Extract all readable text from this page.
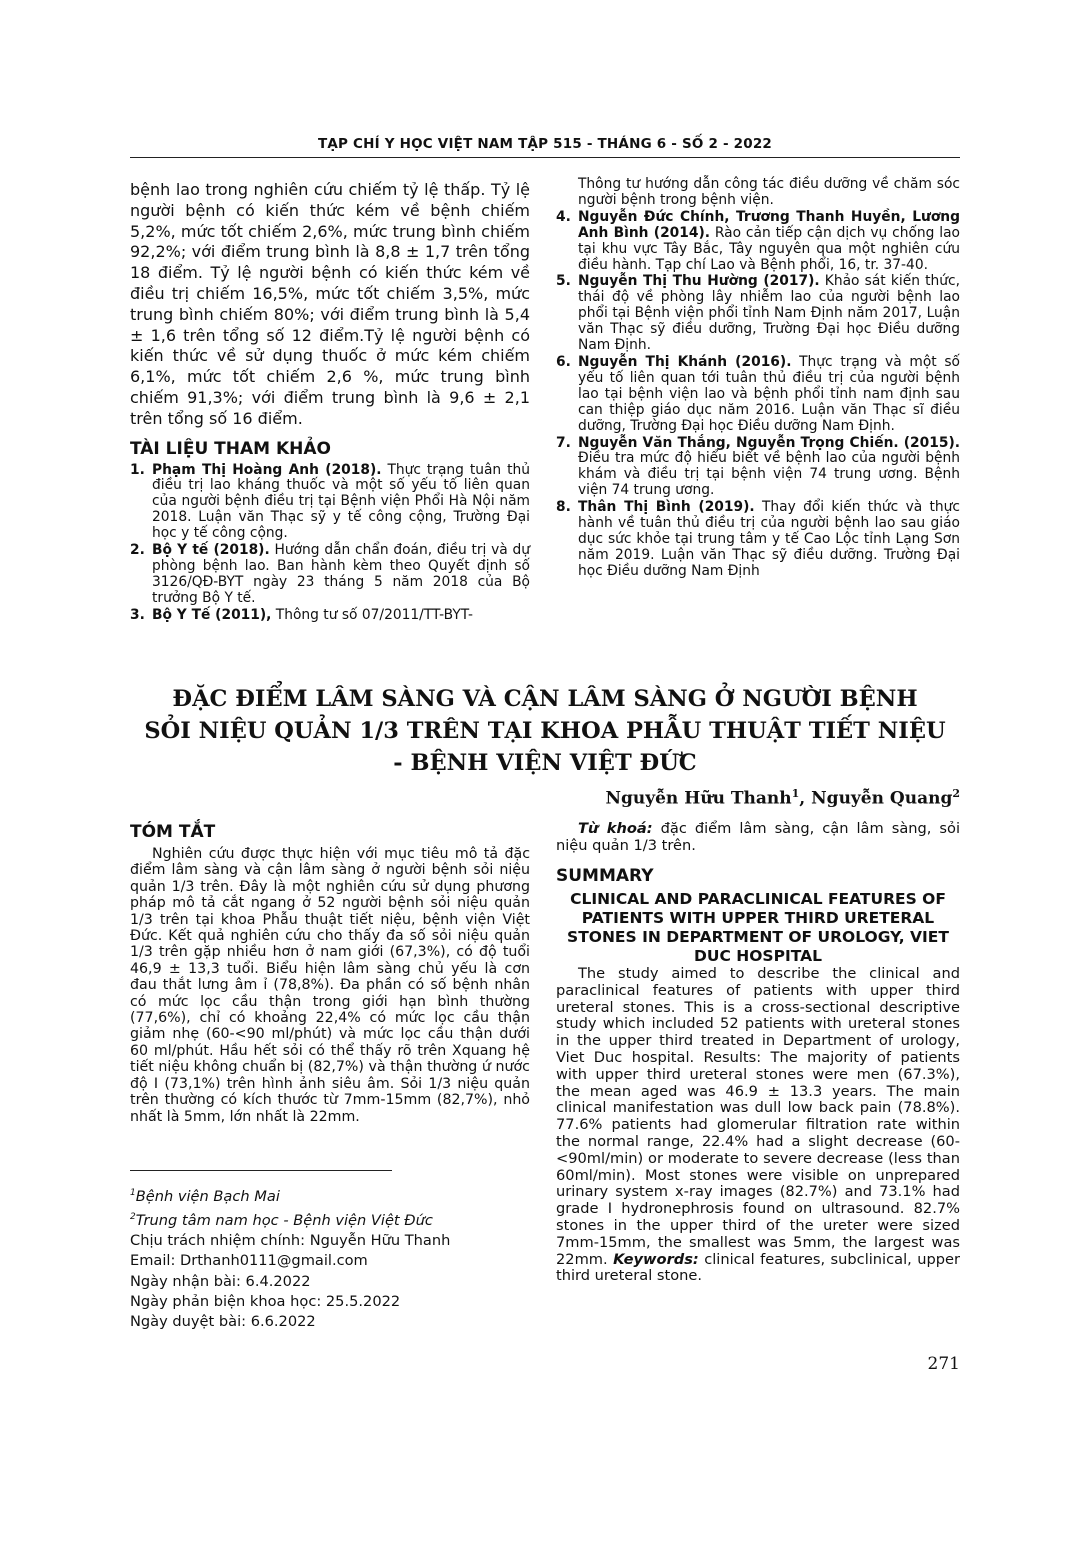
TẠP CHÍ Y HỌC VIỆT NAM TẬP 515 - THÁNG 6 - SỐ 2 - 2022

bệnh lao trong nghiên cứu chiếm tỷ lệ thấp. Tỷ lệ người bệnh có kiến thức kém về bệnh chiếm 5,2%, mức tốt chiếm 2,6%, mức trung bình chiếm 92,2%; với điểm trung bình là 8,8 ± 1,7 trên tổng 18 điểm. Tỷ lệ người bệnh có kiến thức kém về điều trị chiếm 16,5%, mức tốt chiếm 3,5%, mức trung bình chiếm 80%; với điểm trung bình là 5,4 ± 1,6 trên tổng số 12 điểm.Tỷ lệ người bệnh có kiến thức về sử dụng thuốc ở mức kém chiếm 6,1%, mức tốt chiếm 2,6 %, mức trung bình chiếm 91,3%; với điểm trung bình là 9,6 ± 2,1 trên tổng số 16 điểm.

TÀI LIỆU THAM KHẢO
1. Phạm Thị Hoàng Anh (2018). Thực trạng tuân thủ điều trị lao kháng thuốc và một số yếu tố liên quan của người bệnh điều trị tại Bệnh viện Phổi Hà Nội năm 2018. Luận văn Thạc sỹ y tế công cộng, Trường Đại học y tế công cộng.
2. Bộ Y tế (2018). Hướng dẫn chẩn đoán, điều trị và dự phòng bệnh lao. Ban hành kèm theo Quyết định số 3126/QĐ-BYT ngày 23 tháng 5 năm 2018 của Bộ trưởng Bộ Y tế.
3. Bộ Y Tế (2011), Thông tư số 07/2011/TT-BYT-
Thông tư hướng dẫn công tác điều dưỡng về chăm sóc người bệnh trong bệnh viện.
4. Nguyễn Đức Chính, Trương Thanh Huyền, Lương Anh Bình (2014). Rào cản tiếp cận dịch vụ chống lao tại khu vực Tây Bắc, Tây nguyên qua một nghiên cứu điều hành. Tạp chí Lao và Bệnh phổi, 16, tr. 37-40.
5. Nguyễn Thị Thu Hường (2017). Khảo sát kiến thức, thái độ về phòng lây nhiễm lao của người bệnh lao phổi tại Bệnh viện phổi tỉnh Nam Định năm 2017, Luận văn Thạc sỹ điều dưỡng, Trường Đại học Điều dưỡng Nam Định.
6. Nguyễn Thị Khánh (2016). Thực trạng và một số yếu tố liên quan tới tuân thủ điều trị của người bệnh lao tại bệnh viện lao và bệnh phổi tỉnh nam định sau can thiệp giáo dục năm 2016. Luận văn Thạc sĩ điều dưỡng, Trường Đại học Điều dưỡng Nam Định.
7. Nguyễn Văn Thắng, Nguyễn Trọng Chiến. (2015). Điều tra mức độ hiểu biết về bệnh lao của người bệnh khám và điều trị tại bệnh viện 74 trung ương. Bệnh viện 74 trung ương.
8. Thân Thị Bình (2019). Thay đổi kiến thức và thực hành về tuân thủ điều trị của người bệnh lao sau giáo dục sức khỏe tại trung tâm y tế Cao Lộc tỉnh Lạng Sơn năm 2019. Luận văn Thạc sỹ điều dưỡng. Trường Đại học Điều dưỡng Nam Định
ĐẶC ĐIỂM LÂM SÀNG VÀ CẬN LÂM SÀNG Ở NGƯỜI BỆNH
SỎI NIỆU QUẢN 1/3 TRÊN TẠI KHOA PHẪU THUẬT TIẾT NIỆU
- BỆNH VIỆN VIỆT ĐỨC
Nguyễn Hữu Thanh$^1$, Nguyễn Quang$^2$
TÓM TẮT

Nghiên cứu được thực hiện với mục tiêu mô tả đặc điểm lâm sàng và cận lâm sàng ở người bệnh sỏi niệu quản 1/3 trên. Đây là một nghiên cứu sử dụng phương pháp mô tả cắt ngang ở 52 người bệnh sỏi niệu quản 1/3 trên tại khoa Phẫu thuật tiết niệu, bệnh viện Việt Đức. Kết quả nghiên cứu cho thấy đa số sỏi niệu quản 1/3 trên gặp nhiều hơn ở nam giới (67,3%), có độ tuổi 46,9 ± 13,3 tuổi. Biểu hiện lâm sàng chủ yếu là cơn đau thắt lưng âm ỉ (78,8%). Đa phần có số bệnh nhân có mức lọc cầu thận trong giới hạn bình thường (77,6%), chỉ có khoảng 22,4% có mức lọc cầu thận giảm nhẹ (60-<90 ml/phút) và mức lọc cầu thận dưới 60 ml/phút. Hầu hết sỏi có thể thấy rõ trên Xquang hệ tiết niệu không chuẩn bị (82,7%) và thận thường ứ nước độ I (73,1%) trên hình ảnh siêu âm. Sỏi 1/3 niệu quản trên thường có kích thước từ 7mm-15mm (82,7%), nhỏ nhất là 5mm, lớn nhất là 22mm.

$^1$Bệnh viện Bạch Mai
$^2$Trung tâm nam học - Bệnh viện Việt Đức
Chịu trách nhiệm chính: Nguyễn Hữu Thanh
Email: Drthanh0111@gmail.com
Ngày nhận bài: 6.4.2022
Ngày phản biện khoa học: 25.5.2022
Ngày duyệt bài: 6.6.2022

Từ khoá: đặc điểm lâm sàng, cận lâm sàng, sỏi niệu quản 1/3 trên.

SUMMARY
CLINICAL AND PARACLINICAL FEATURES OF PATIENTS WITH UPPER THIRD URETERAL STONES IN DEPARTMENT OF UROLOGY, VIET DUC HOSPITAL

The study aimed to describe the clinical and paraclinical features of patients with upper third ureteral stones. This is a cross-sectional descriptive study which included 52 patients with ureteral stones in the upper third treated in Department of urology, Viet Duc hospital. Results: The majority of patients with upper third ureteral stones were men (67.3%), the mean aged was 46.9 ± 13.3 years. The main clinical manifestation was dull low back pain (78.8%). 77.6% patients had glomerular filtration rate within the normal range, 22.4% had a slight decrease (60-<90ml/min) or moderate to severe decrease (less than 60ml/min). Most stones were visible on unprepared urinary system x-ray images (82.7%) and 73.1% had grade I hydronephrosis found on ultrasound. 82.7% stones in the upper third of the ureter were sized 7mm-15mm, the smallest was 5mm, the largest was 22mm. Keywords: clinical features, subclinical, upper third ureteral stone.

271
